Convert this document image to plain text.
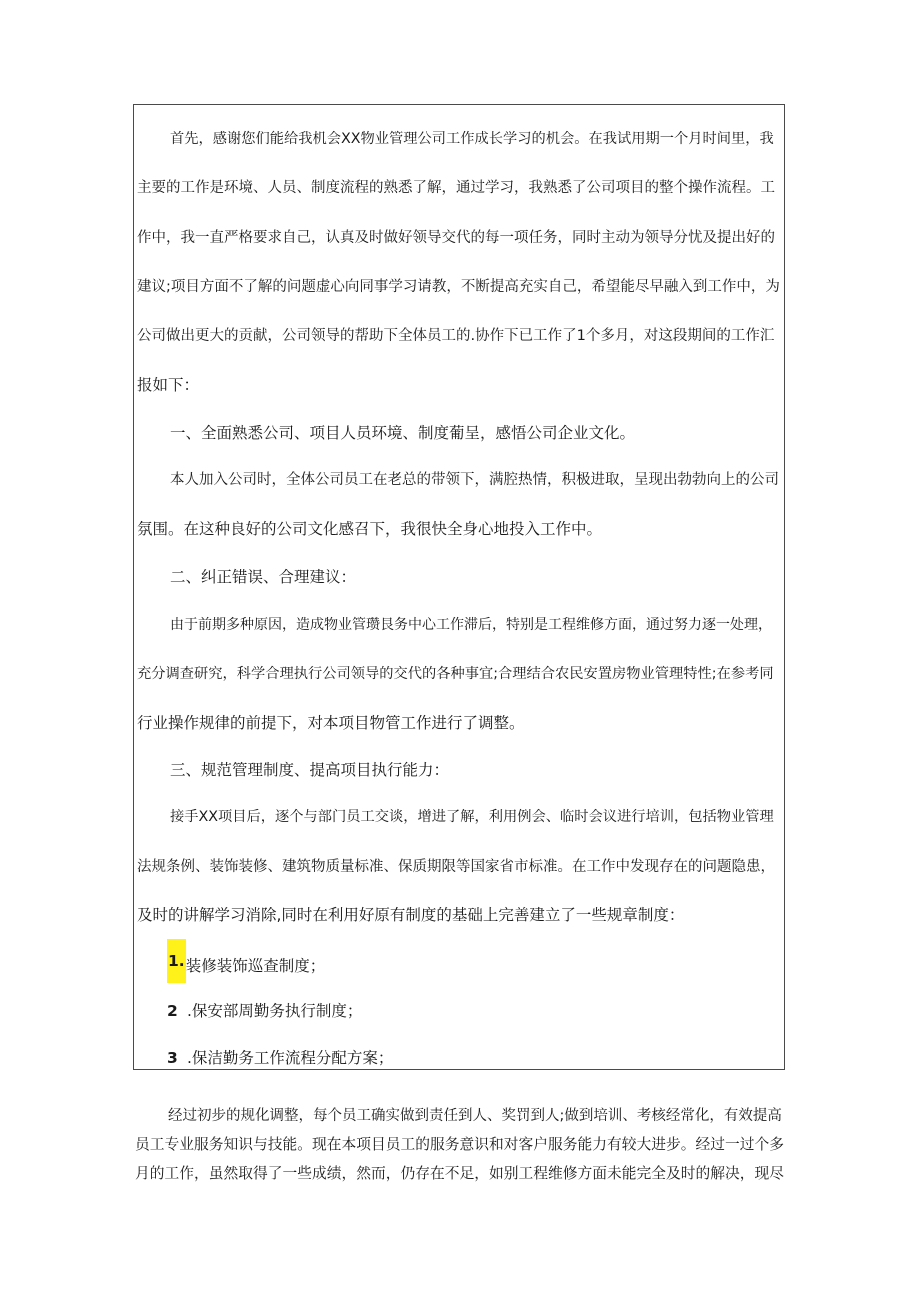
首先，感谢您们能给我机会XX物业管理公司工作成长学习的机会。在我试用期一个月时间里，我
主要的工作是环境、人员、制度流程的熟悉了解，通过学习，我熟悉了公司项目的整个操作流程。工
作中，我一直严格要求自己，认真及时做好领导交代的每一项任务，同时主动为领导分忧及提出好的
建议;项目方面不了解的问题虚心向同事学习请教，不断提高充实自己，希望能尽早融入到工作中，为
公司做出更大的贡献，公司领导的帮助下全体员工的.协作下已工作了1个多月，对这段期间的工作汇
报如下：
一、全面熟悉公司、项目人员环境、制度葡呈，感悟公司企业文化。
本人加入公司时，全体公司员工在老总的带领下，满腔热情，积极进取，呈现出勃勃向上的公司
氛围。在这种良好的公司文化感召下，我很快全身心地投入工作中。
二、纠正错误、合理建议：
由于前期多种原因，造成物业管瓒艮务中心工作滞后，特别是工程维修方面，通过努力逐一处理，
充分调查研究，科学合理执行公司领导的交代的各种事宜;合理结合农民安置房物业管理特性;在参考同
行业操作规律的前提下，对本项目物管工作进行了调整。
三、规范管理制度、提高项目执行能力：
接手XX项目后，逐个与部门员工交谈，增进了解，利用例会、临时会议进行培训，包括物业管理
法规条例、装饰装修、建筑物质量标准、保质期限等国家省市标准。在工作中发现存在的问题隐患，
及时的讲解学习消除,同时在利用好原有制度的基础上完善建立了一些规章制度：
1.装修装饰巡查制度；
2 .保安部周勤务执行制度；
3 .保洁勤务工作流程分配方案；
经过初步的规化调整，每个员工确实做到责任到人、奖罚到人;做到培训、考核经常化，有效提高
员工专业服务知识与技能。现在本项目员工的服务意识和对客户服务能力有较大进步。经过一过个多
月的工作，虽然取得了一些成绩，然而，仍存在不足，如别工程维修方面未能完全及时的解决，现尽
